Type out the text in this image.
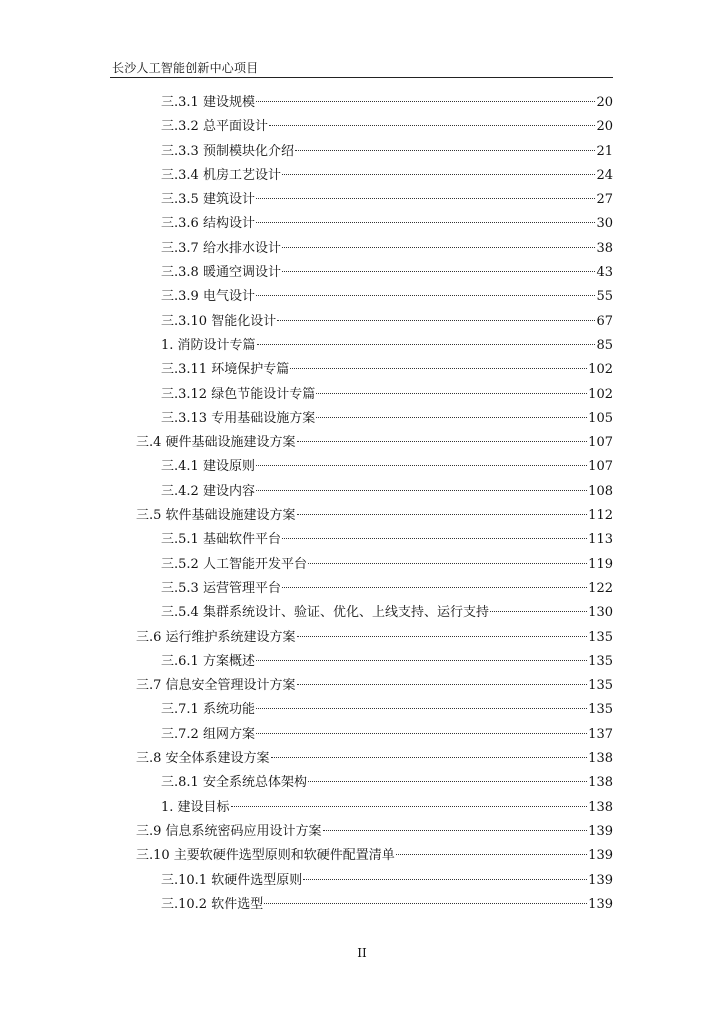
长沙人工智能创新中心项目
三.3.1 建设规模	20
三.3.2 总平面设计	20
三.3.3 预制模块化介绍	21
三.3.4 机房工艺设计	24
三.3.5 建筑设计	27
三.3.6 结构设计	30
三.3.7 给水排水设计	38
三.3.8 暖通空调设计	43
三.3.9 电气设计	55
三.3.10 智能化设计	67
1. 消防设计专篇	85
三.3.11 环境保护专篇	102
三.3.12 绿色节能设计专篇	102
三.3.13 专用基础设施方案	105
三.4 硬件基础设施建设方案	107
三.4.1 建设原则	107
三.4.2 建设内容	108
三.5 软件基础设施建设方案	112
三.5.1 基础软件平台	113
三.5.2 人工智能开发平台	119
三.5.3 运营管理平台	122
三.5.4 集群系统设计、验证、优化、上线支持、运行支持	130
三.6 运行维护系统建设方案	135
三.6.1 方案概述	135
三.7 信息安全管理设计方案	135
三.7.1 系统功能	135
三.7.2 组网方案	137
三.8 安全体系建设方案	138
三.8.1 安全系统总体架构	138
1. 建设目标	138
三.9 信息系统密码应用设计方案	139
三.10 主要软硬件选型原则和软硬件配置清单	139
三.10.1 软硬件选型原则	139
三.10.2 软件选型	139
II
